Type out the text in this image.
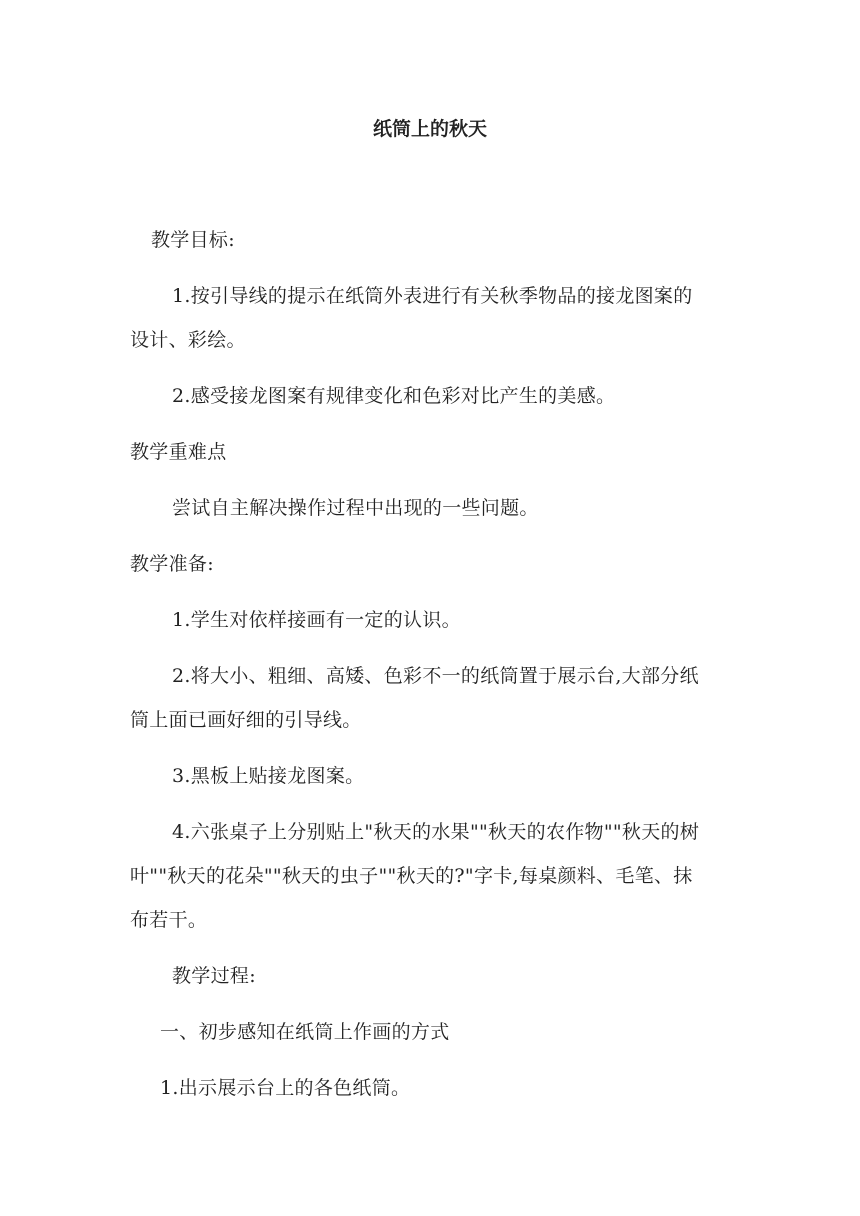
纸筒上的秋天
教学目标:
1.按引导线的提示在纸筒外表进行有关秋季物品的接龙图案的
设计、彩绘。
2.感受接龙图案有规律变化和色彩对比产生的美感。
教学重难点
尝试自主解决操作过程中出现的一些问题。
教学准备:
1.学生对依样接画有一定的认识。
2.将大小、粗细、高矮、色彩不一的纸筒置于展示台,大部分纸
筒上面已画好细的引导线。
3.黑板上贴接龙图案。
4.六张桌子上分别贴上"秋天的水果""秋天的农作物""秋天的树
叶""秋天的花朵""秋天的虫子""秋天的?"字卡,每桌颜料、毛笔、抹
布若干。
教学过程:
一、初步感知在纸筒上作画的方式
1.出示展示台上的各色纸筒。
